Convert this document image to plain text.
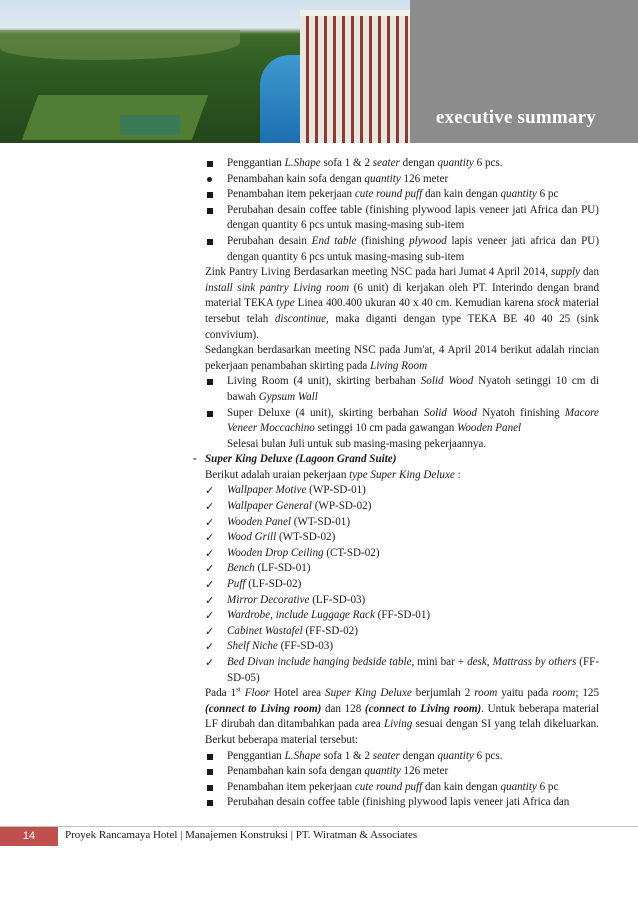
executive summary
Penggantian L.Shape sofa 1 & 2 seater dengan quantity 6 pcs.
Penambahan kain sofa dengan quantity 126 meter
Penambahan item pekerjaan cute round puff dan kain dengan quantity 6 pc
Perubahan desain coffee table (finishing plywood lapis veneer jati Africa dan PU) dengan quantity 6 pcs untuk masing-masing sub-item
Perubahan desain End table (finishing plywood lapis veneer jati africa dan PU) dengan quantity 6 pcs untuk masing-masing sub-item
Zink Pantry Living Berdasarkan meeting NSC pada hari Jumat 4 April 2014, supply dan install sink pantry Living room (6 unit) di kerjakan oleh PT. Interindo dengan brand material TEKA type Linea 400.400 ukuran 40 x 40 cm. Kemudian karena stock material tersebut telah discontinue, maka diganti dengan type TEKA BE 40 40 25 (sink convivium).
Sedangkan berdasarkan meeting NSC pada Jum'at, 4 April 2014 berikut adalah rincian pekerjaan penambahan skirting pada Living Room
Living Room (4 unit), skirting berbahan Solid Wood Nyatoh setinggi 10 cm di bawah Gypsum Wall
Super Deluxe (4 unit), skirting berbahan Solid Wood Nyatoh finishing Macore Veneer Moccachino setinggi 10 cm pada gawangan Wooden Panel
Selesai bulan Juli untuk sub masing-masing pekerjaannya.
- Super King Deluxe (Lagoon Grand Suite)
Berikut adalah uraian pekerjaan type Super King Deluxe :
✓ Wallpaper Motive (WP-SD-01)
✓ Wallpaper General (WP-SD-02)
✓ Wooden Panel (WT-SD-01)
✓ Wood Grill (WT-SD-02)
✓ Wooden Drop Ceiling (CT-SD-02)
✓ Bench (LF-SD-01)
✓ Puff (LF-SD-02)
✓ Mirror Decorative (LF-SD-03)
✓ Wardrobe, include Luggage Rack (FF-SD-01)
✓ Cabinet Wastafel (FF-SD-02)
✓ Shelf Niche (FF-SD-03)
✓ Bed Divan include hanging bedside table, mini bar + desk, Mattrass by others (FF-SD-05)
Pada 1st Floor Hotel area Super King Deluxe berjumlah 2 room yaitu pada room; 125 (connect to Living room) dan 128 (connect to Living room). Untuk beberapa material LF dirubah dan ditambahkan pada area Living sesuai dengan SI yang telah dikeluarkan. Berkut beberapa material tersebut:
Penggantian L.Shape sofa 1 & 2 seater dengan quantity 6 pcs.
Penambahan kain sofa dengan quantity 126 meter
Penambahan item pekerjaan cute round puff dan kain dengan quantity 6 pc
Perubahan desain coffee table (finishing plywood lapis veneer jati Africa dan
14	Proyek Rancamaya Hotel | Manajemen Konstruksi | PT. Wiratman & Associates
